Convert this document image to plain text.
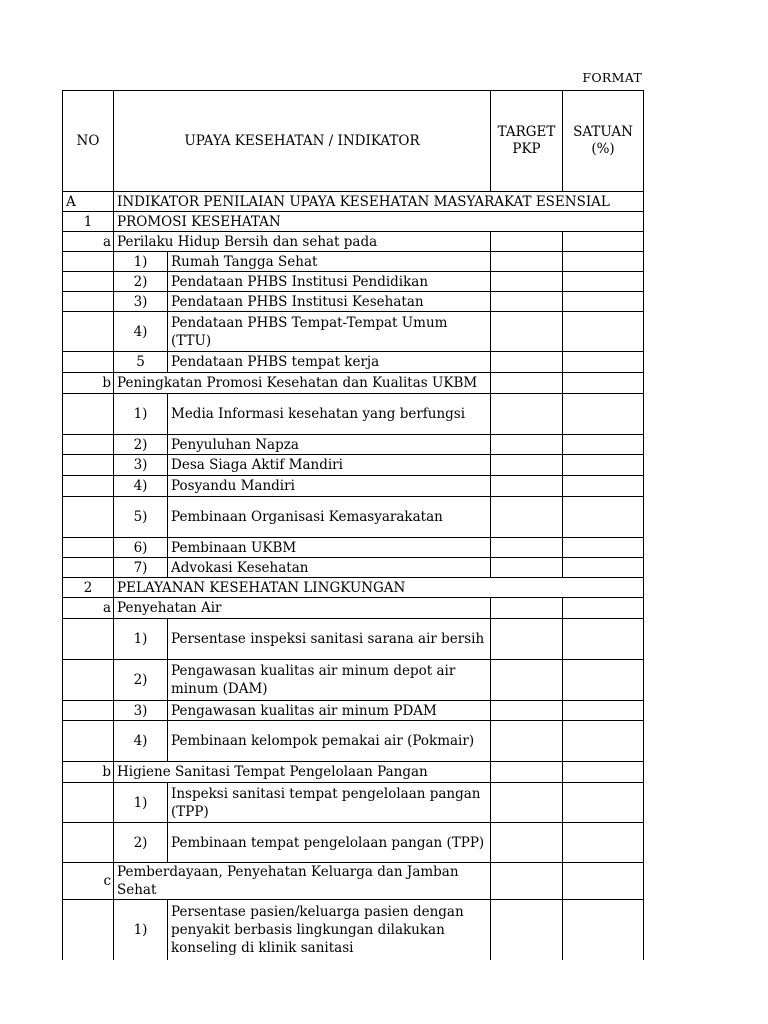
FORMAT
NO	UPAYA KESEHATAN / INDIKATOR		TARGET PKP	SATUAN (%)
A	INDIKATOR PENILAIAN UPAYA KESEHATAN MASYARAKAT ESENSIAL			
1	PROMOSI KESEHATAN			
a	Perilaku Hidup Bersih dan sehat pada			
	1)	Rumah Tangga Sehat		
	2)	Pendataan PHBS Institusi Pendidikan		
	3)	Pendataan PHBS Institusi Kesehatan		
	4)	Pendataan PHBS Tempat-Tempat Umum (TTU)		
	5	Pendataan PHBS tempat kerja		
b	Peningkatan Promosi Kesehatan dan Kualitas UKBM			
	1)	Media Informasi kesehatan yang berfungsi		
	2)	Penyuluhan Napza		
	3)	Desa Siaga Aktif Mandiri		
	4)	Posyandu Mandiri		
	5)	Pembinaan Organisasi Kemasyarakatan		
	6)	Pembinaan UKBM		
	7)	Advokasi Kesehatan		
2	PELAYANAN KESEHATAN LINGKUNGAN			
a	Penyehatan Air			
	1)	Persentase inspeksi sanitasi sarana air bersih		
	2)	Pengawasan kualitas air minum depot air minum (DAM)		
	3)	Pengawasan kualitas air minum PDAM		
	4)	Pembinaan kelompok pemakai air (Pokmair)		
b	Higiene Sanitasi Tempat Pengelolaan Pangan			
	1)	Inspeksi sanitasi tempat pengelolaan pangan (TPP)		
	2)	Pembinaan tempat pengelolaan pangan (TPP)		
c	Pemberdayaan, Penyehatan Keluarga dan Jamban Sehat			
	1)	Persentase pasien/keluarga pasien dengan penyakit berbasis lingkungan dilakukan konseling di klinik sanitasi		
